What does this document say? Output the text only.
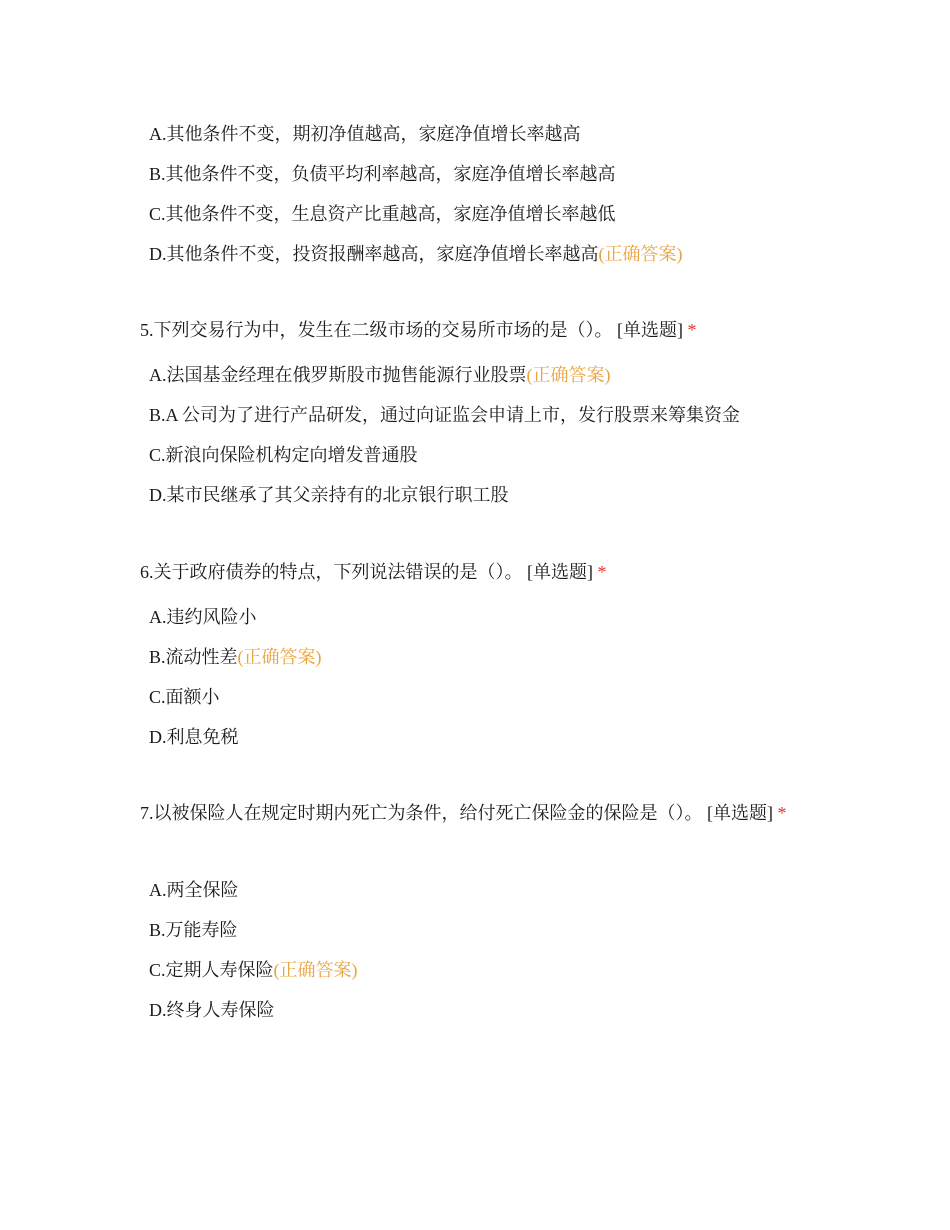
A.其他条件不变，期初净值越高，家庭净值增长率越高
B.其他条件不变，负债平均利率越高，家庭净值增长率越高
C.其他条件不变，生息资产比重越高，家庭净值增长率越低
D.其他条件不变，投资报酬率越高，家庭净值增长率越高(正确答案)
5.下列交易行为中，发生在二级市场的交易所市场的是（）。 [单选题] *
A.法国基金经理在俄罗斯股市抛售能源行业股票(正确答案)
B.A 公司为了进行产品研发，通过向证监会申请上市，发行股票来筹集资金
C.新浪向保险机构定向增发普通股
D.某市民继承了其父亲持有的北京银行职工股
6.关于政府债券的特点，下列说法错误的是（）。 [单选题] *
A.违约风险小
B.流动性差(正确答案)
C.面额小
D.利息免税
7.以被保险人在规定时期内死亡为条件，给付死亡保险金的保险是（）。 [单选题] *
A.两全保险
B.万能寿险
C.定期人寿保险(正确答案)
D.终身人寿保险
